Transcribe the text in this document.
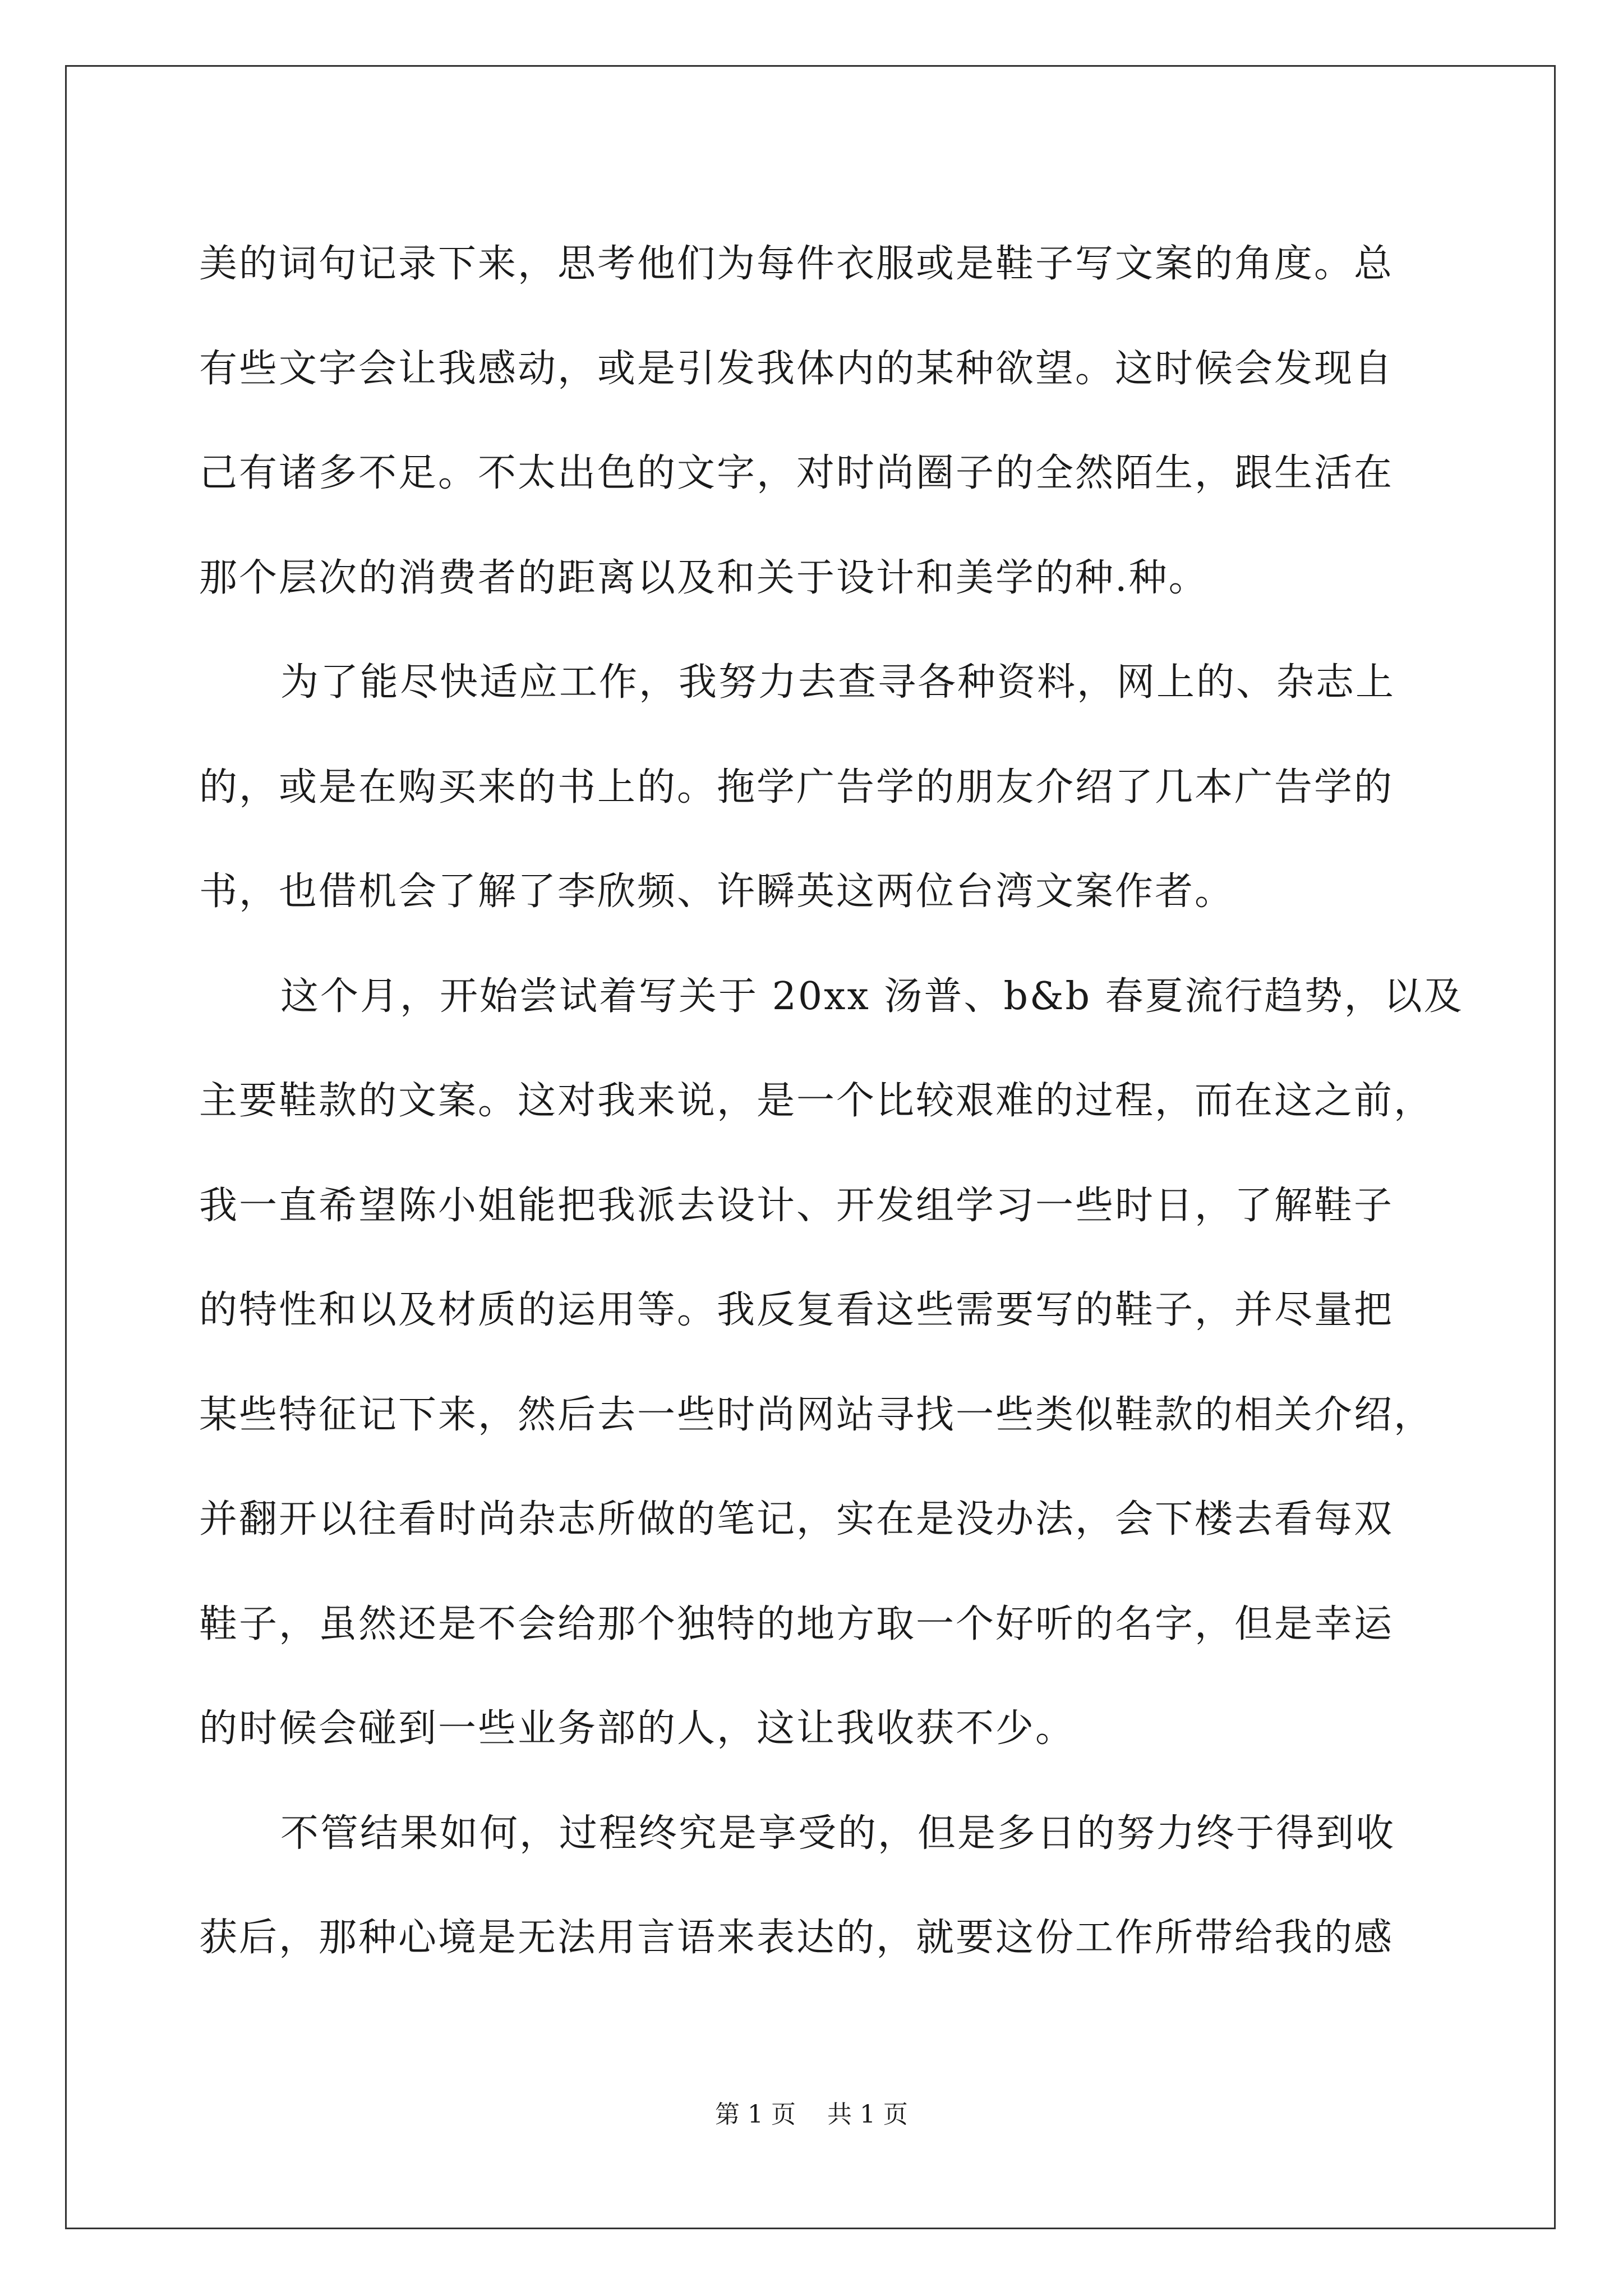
美的词句记录下来，思考他们为每件衣服或是鞋子写文案的角度。总
有些文字会让我感动，或是引发我体内的某种欲望。这时候会发现自
己有诸多不足。不太出色的文字，对时尚圈子的全然陌生，跟生活在
那个层次的消费者的距离以及和关于设计和美学的种.种。
为了能尽快适应工作，我努力去查寻各种资料，网上的、杂志上
的，或是在购买来的书上的。拖学广告学的朋友介绍了几本广告学的
书，也借机会了解了李欣频、许瞬英这两位台湾文案作者。
这个月，开始尝试着写关于 20xx 汤普、b&b 春夏流行趋势，以及
主要鞋款的文案。这对我来说，是一个比较艰难的过程，而在这之前，
我一直希望陈小姐能把我派去设计、开发组学习一些时日，了解鞋子
的特性和以及材质的运用等。我反复看这些需要写的鞋子，并尽量把
某些特征记下来，然后去一些时尚网站寻找一些类似鞋款的相关介绍，
并翻开以往看时尚杂志所做的笔记，实在是没办法，会下楼去看每双
鞋子，虽然还是不会给那个独特的地方取一个好听的名字，但是幸运
的时候会碰到一些业务部的人，这让我收获不少。
不管结果如何，过程终究是享受的，但是多日的努力终于得到收
获后，那种心境是无法用言语来表达的，就要这份工作所带给我的感
第 1 页    共 1 页
